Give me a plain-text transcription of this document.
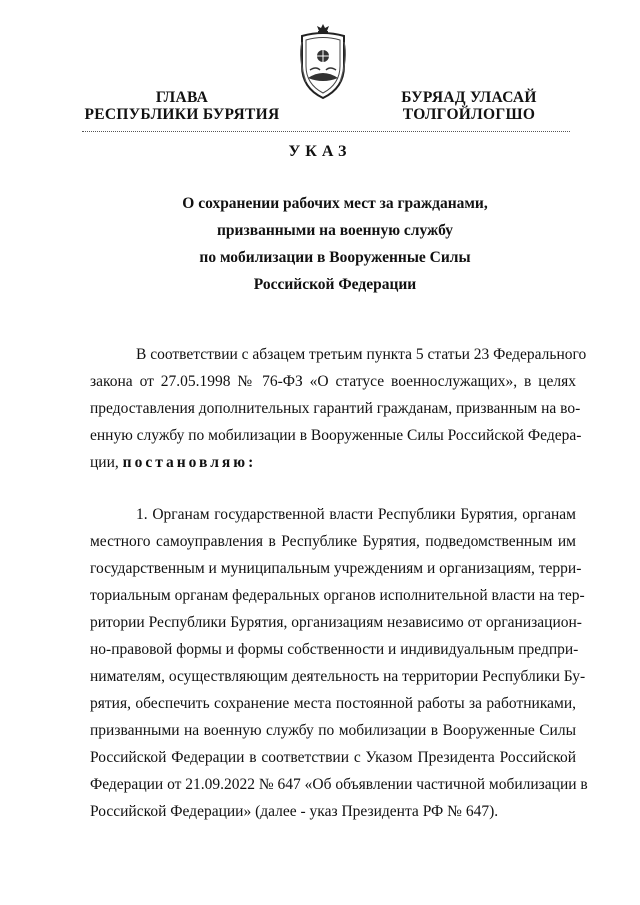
ГЛАВА
РЕСПУБЛИКИ БУРЯТИЯ
БУРЯАД УЛАСАЙ
ТОЛГОЙЛОГШО
УКАЗ
О сохранении рабочих мест за гражданами,
призванными на военную службу
по мобилизации в Вооруженные Силы
Российской Федерации
В соответствии с абзацем третьим пункта 5 статьи 23 Федерального
закона от 27.05.1998 № 76-ФЗ «О статусе военнослужащих», в целях
предоставления дополнительных гарантий гражданам, призванным на во-
енную службу по мобилизации в Вооруженные Силы Российской Федера-
ции, постановляю:
1. Органам государственной власти Республики Бурятия, органам
местного самоуправления в Республике Бурятия, подведомственным им
государственным и муниципальным учреждениям и организациям, терри-
ториальным органам федеральных органов исполнительной власти на тер-
ритории Республики Бурятия, организациям независимо от организацион-
но-правовой формы и формы собственности и индивидуальным предпри-
нимателям, осуществляющим деятельность на территории Республики Бу-
рятия, обеспечить сохранение места постоянной работы за работниками,
призванными на военную службу по мобилизации в Вооруженные Силы
Российской Федерации в соответствии с Указом Президента Российской
Федерации от 21.09.2022 № 647 «Об объявлении частичной мобилизации в
Российской Федерации» (далее - указ Президента РФ № 647).
